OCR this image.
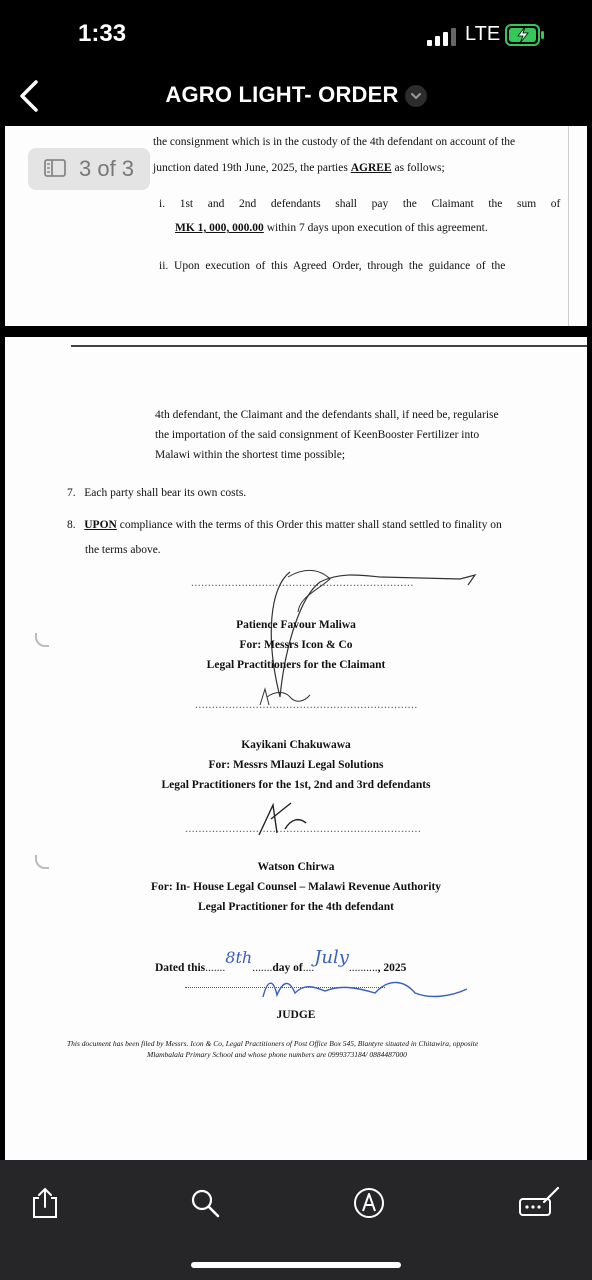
1:33	LTE
AGRO LIGHT- ORDER
the consignment which is in the custody of the 4th defendant on account of the
junction dated 19th June, 2025, the parties AGREE as follows;
i.   1st   and   2nd   defendants   shall   pay   the   Claimant   the   sum   of
MK 1, 000, 000.00 within 7 days upon execution of this agreement.
ii.  Upon  execution  of  this  Agreed  Order,  through  the  guidance  of  the
3 of 3
4th defendant, the Claimant and the defendants shall, if need be, regularise
the importation of the said consignment of KeenBooster Fertilizer into
Malawi within the shortest time possible;
7.   Each party shall bear its own costs.
8. UPON compliance with the terms of this Order this matter shall stand settled to finality on
the terms above.
..................................................................
Patience Favour Maliwa
For: Messrs Icon & Co
Legal Practitioners for the Claimant
..................................................................
Kayikani Chakuwawa
For: Messrs Mlauzi Legal Solutions
Legal Practitioners for the 1st, 2nd and 3rd defendants
......................................................................
Watson Chirwa
For: In- House Legal Counsel – Malawi Revenue Authority
Legal Practitioner for the 4th defendant
Dated this.......8th.......day of....July.........., 2025
JUDGE
This document has been filed by Messrs. Icon & Co, Legal Practitioners of Post Office Box 545, Blantyre situated in Chitawira, opposite
Mlambalala Primary School and whose phone numbers are 0999373184/ 0884487000
